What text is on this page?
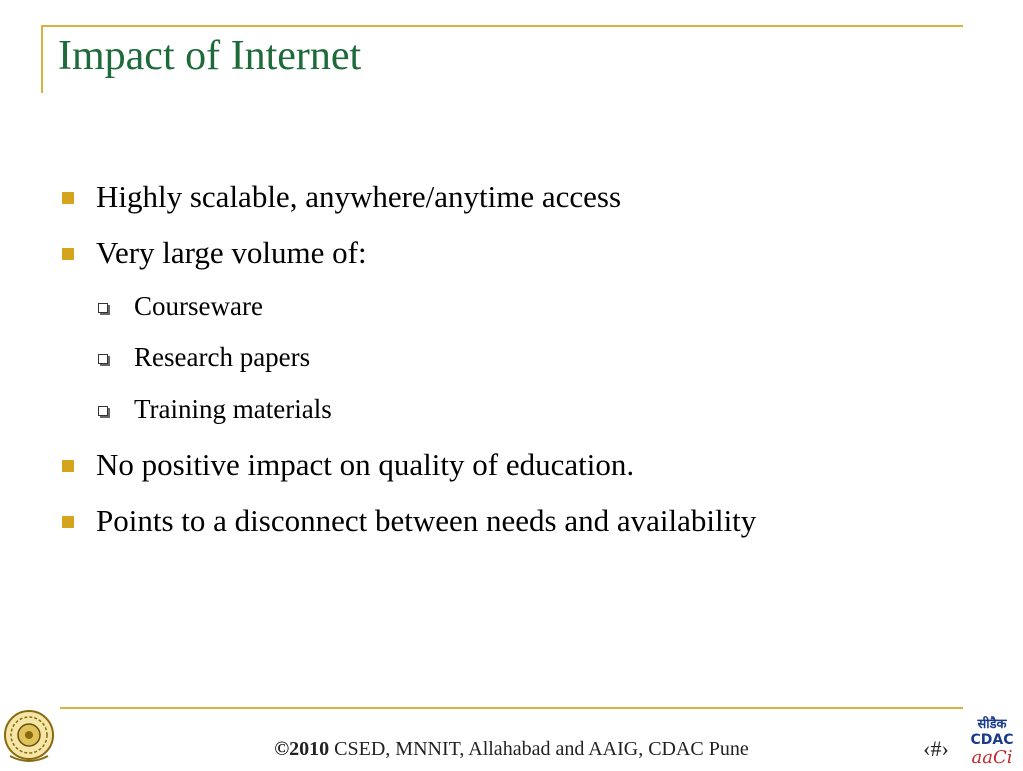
Impact of Internet
Highly scalable, anywhere/anytime access
Very large volume of:
Courseware
Research papers
Training materials
No positive impact on quality of education.
Points to a disconnect between needs and availability
©2010 CSED, MNNIT, Allahabad and AAIG, CDAC Pune	‹#›
सीडैक
CDAC
aaCi
